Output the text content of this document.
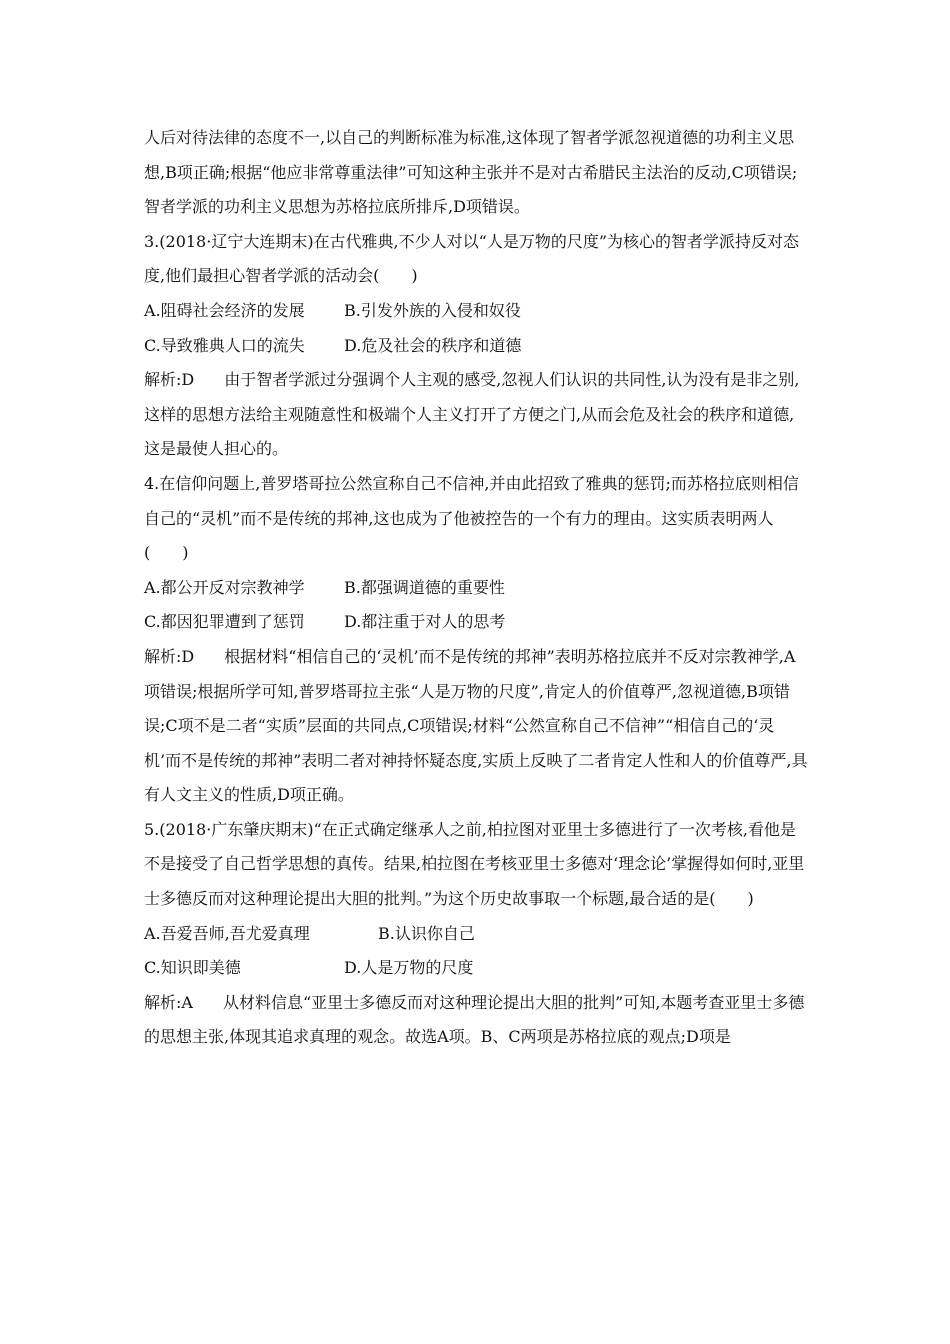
人后对待法律的态度不一,以自己的判断标准为标准,这体现了智者学派忽视道德的功利主义思想,B项正确;根据“他应非常尊重法律”可知这种主张并不是对古希腊民主法治的反动,C项错误;智者学派的功利主义思想为苏格拉底所排斥,D项错误。

3.(2018·辽宁大连期末)在古代雅典,不少人对以“人是万物的尺度”为核心的智者学派持反对态度,他们最担心智者学派的活动会(　　)

A.阻碍社会经济的发展	B.引发外族的入侵和奴役
C.导致雅典人口的流失	D.危及社会的秩序和道德

解析:D 由于智者学派过分强调个人主观的感受,忽视人们认识的共同性,认为没有是非之别,这样的思想方法给主观随意性和极端个人主义打开了方便之门,从而会危及社会的秩序和道德,这是最使人担心的。

4.在信仰问题上,普罗塔哥拉公然宣称自己不信神,并由此招致了雅典的惩罚;而苏格拉底则相信自己的“灵机”而不是传统的邦神,这也成为了他被控告的一个有力的理由。这实质表明两人(　　)

A.都公开反对宗教神学	B.都强调道德的重要性
C.都因犯罪遭到了惩罚	D.都注重于对人的思考

解析:D 根据材料“相信自己的‘灵机’而不是传统的邦神”表明苏格拉底并不反对宗教神学,A项错误;根据所学可知,普罗塔哥拉主张“人是万物的尺度”,肯定人的价值尊严,忽视道德,B项错误;C项不是二者“实质”层面的共同点,C项错误;材料“公然宣称自己不信神”“相信自己的‘灵机’而不是传统的邦神”表明二者对神持怀疑态度,实质上反映了二者肯定人性和人的价值尊严,具有人文主义的性质,D项正确。

5.(2018·广东肇庆期末)“在正式确定继承人之前,柏拉图对亚里士多德进行了一次考核,看他是不是接受了自己哲学思想的真传。结果,柏拉图在考核亚里士多德对‘理念论’掌握得如何时,亚里士多德反而对这种理论提出大胆的批判。”为这个历史故事取一个标题,最合适的是(　　)

A.吾爱吾师,吾尤爱真理	B.认识你自己
C.知识即美德	D.人是万物的尺度

解析:A 从材料信息“亚里士多德反而对这种理论提出大胆的批判”可知,本题考查亚里士多德的思想主张,体现其追求真理的观念。故选A项。B、C两项是苏格拉底的观点;D项是
